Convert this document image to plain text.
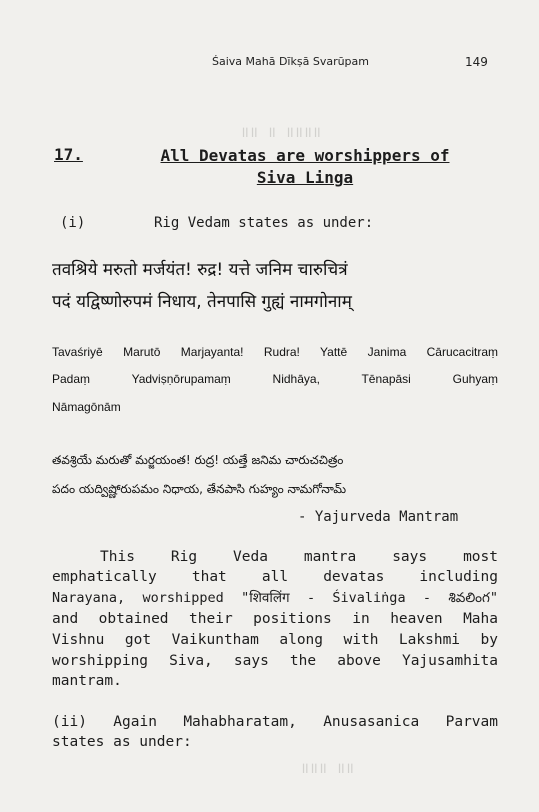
॥॥ ॥ ॥॥॥॥
Śaiva Mahā Dīkṣā Svarūpam	149
17.	All Devatas are worshippers of
Siva Linga
(i)	Rig Vedam states as under:
तवश्रिये मरुतो मर्जयंत! रुद्र! यत्ते जनिम चारुचित्रं
पदं यद्विष्णोरुपमं निधाय, तेनपासि गुह्यं नामगोनाम्
Tavaśriyē Marutō Marjayanta! Rudra! Yattē Janima Cārucacitraṃ
Padaṃ Yadviṣṇōrupamaṃ Nidhāya, Tēnapāsi Guhyaṃ
Nāmagōnām
తవశ్రియే మరుతో మర్జయంత! రుద్ర! యత్తే జనిమ చారుచచిత్రం
పదం యద్విష్ణోరుపమం నిధాయ, తేనపాసి గుహ్యం నామగోనామ్
- Yajurveda Mantram
This Rig Veda mantra says most
emphatically that all devatas including
Narayana, worshipped "शिवलिंग - Śivaliṅga - శివలింగ"
and obtained their positions in heaven Maha
Vishnu got Vaikuntham along with Lakshmi by
worshipping Siva, says the above Yajusamhita
mantram.
(ii) Again Mahabharatam, Anusasanica Parvam
states as under:
॥॥॥ ॥॥
